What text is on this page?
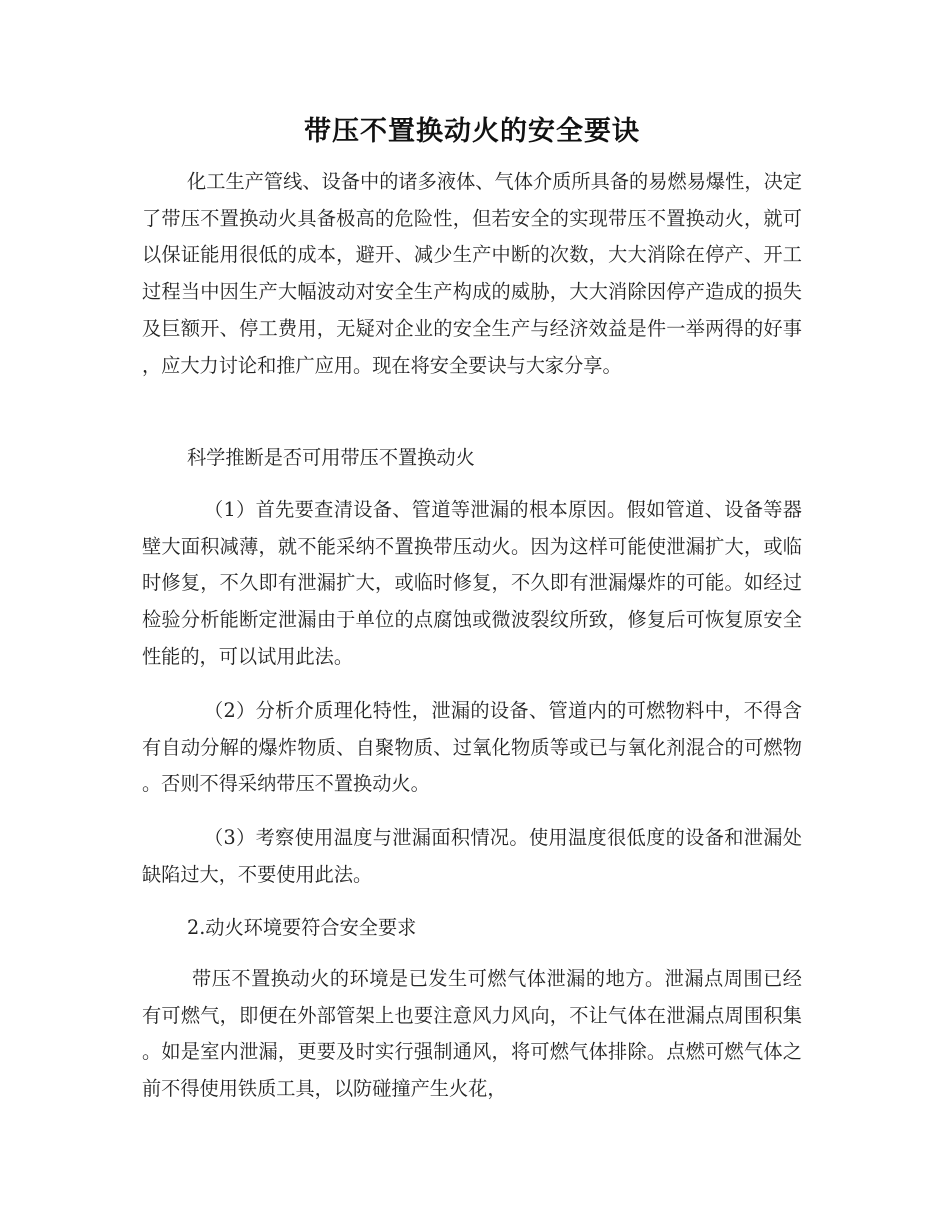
带压不置换动火的安全要诀

化工生产管线、设备中的诸多液体、气体介质所具备的易燃易爆性，决定了带压不置换动火具备极高的危险性，但若安全的实现带压不置换动火，就可以保证能用很低的成本，避开、减少生产中断的次数，大大消除在停产、开工过程当中因生产大幅波动对安全生产构成的威胁，大大消除因停产造成的损失及巨额开、停工费用，无疑对企业的安全生产与经济效益是件一举两得的好事，应大力讨论和推广应用。现在将安全要诀与大家分享。

科学推断是否可用带压不置换动火

（1）首先要查清设备、管道等泄漏的根本原因。假如管道、设备等器壁大面积减薄，就不能采纳不置换带压动火。因为这样可能使泄漏扩大，或临时修复，不久即有泄漏扩大，或临时修复，不久即有泄漏爆炸的可能。如经过检验分析能断定泄漏由于单位的点腐蚀或微波裂纹所致，修复后可恢复原安全性能的，可以试用此法。

（2）分析介质理化特性，泄漏的设备、管道内的可燃物料中，不得含有自动分解的爆炸物质、自聚物质、过氧化物质等或已与氧化剂混合的可燃物。否则不得采纳带压不置换动火。

（3）考察使用温度与泄漏面积情况。使用温度很低度的设备和泄漏处缺陷过大，不要使用此法。

2.动火环境要符合安全要求

带压不置换动火的环境是已发生可燃气体泄漏的地方。泄漏点周围已经有可燃气，即便在外部管架上也要注意风力风向，不让气体在泄漏点周围积集。如是室内泄漏，更要及时实行强制通风，将可燃气体排除。点燃可燃气体之前不得使用铁质工具，以防碰撞产生火花，
